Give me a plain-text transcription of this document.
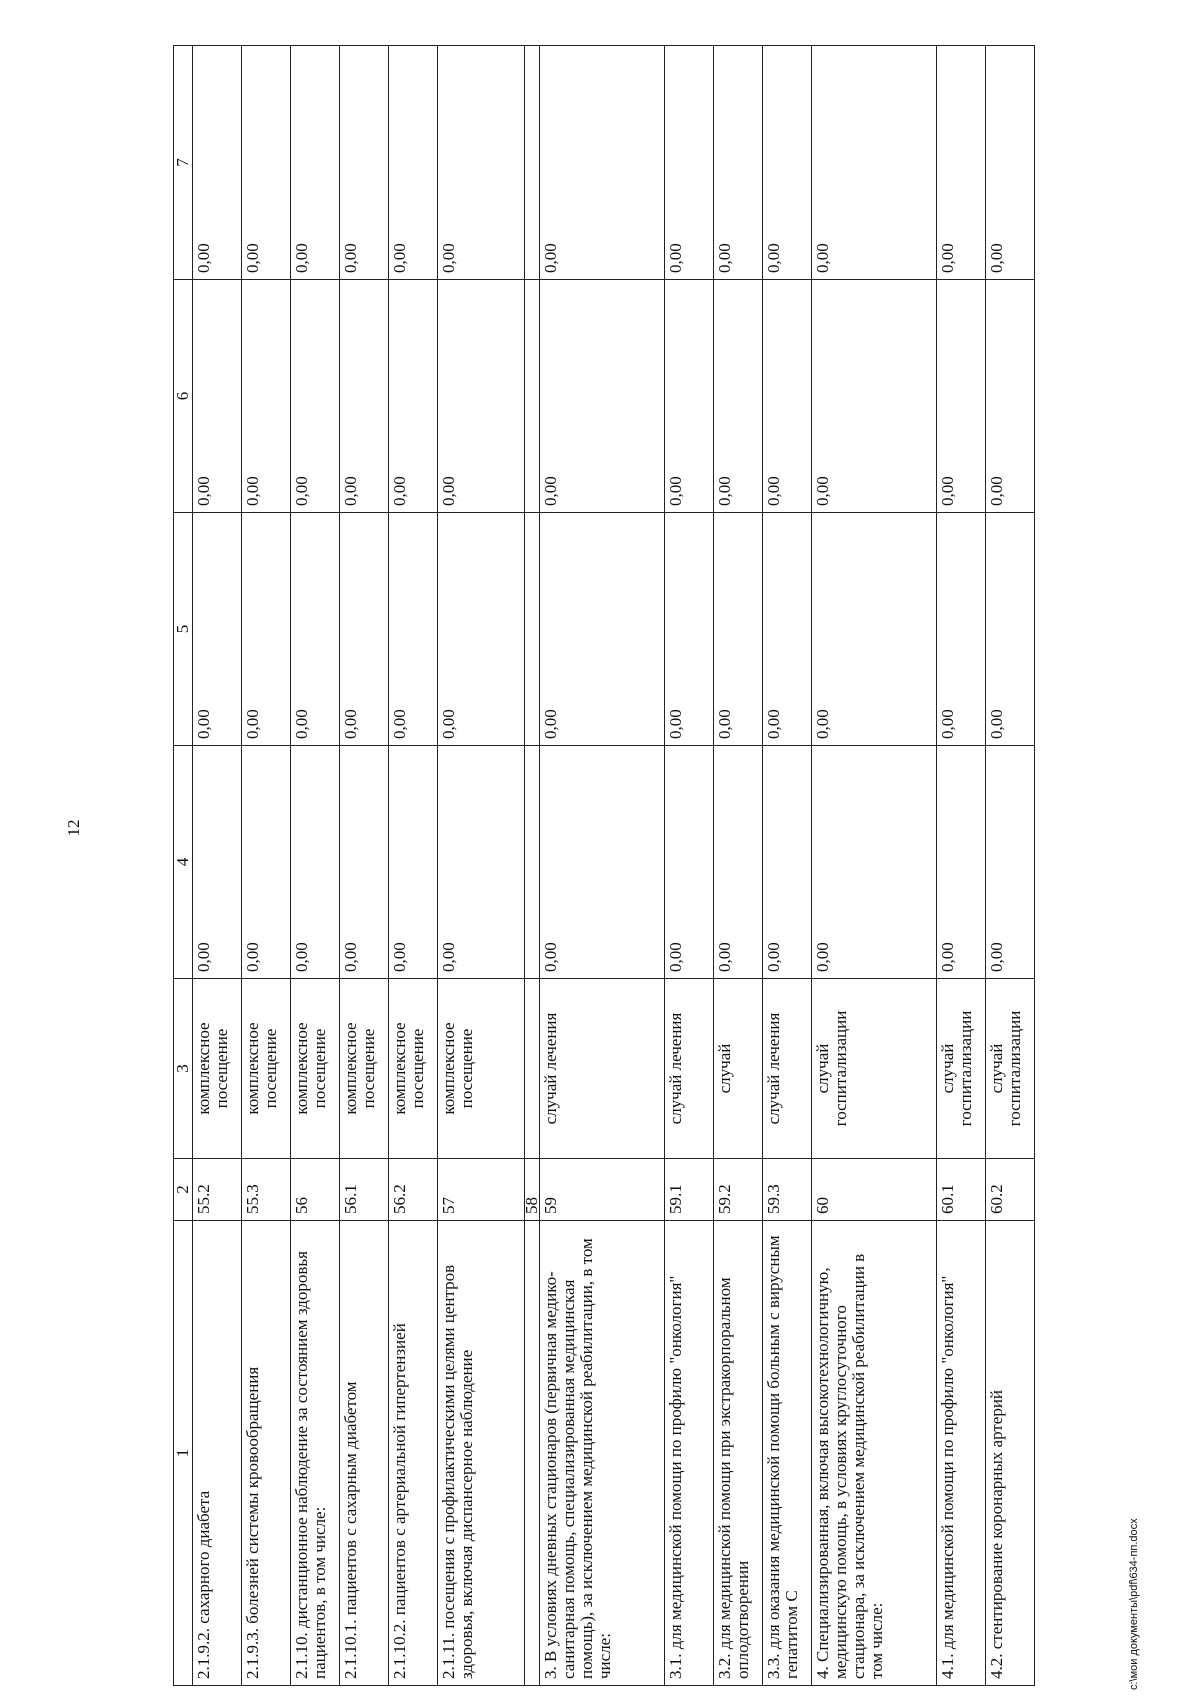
12
1	2	3	4	5	6	7
2.1.9.2. сахарного диабета	55.2	комплексное посещение	0,00	0,00	0,00	0,00
2.1.9.3. болезней системы кровообращения	55.3	комплексное посещение	0,00	0,00	0,00	0,00
2.1.10. дистанционное наблюдение за состоянием здоровья пациентов, в том числе:	56	комплексное посещение	0,00	0,00	0,00	0,00
2.1.10.1. пациентов с сахарным диабетом	56.1	комплексное посещение	0,00	0,00	0,00	0,00
2.1.10.2. пациентов с артериальной гипертензией	56.2	комплексное посещение	0,00	0,00	0,00	0,00
2.1.11. посещения с профилактическими целями центров здоровья, включая диспансерное наблюдение	57	комплексное посещение	0,00	0,00	0,00	0,00
	58					
3. В условиях дневных стационаров (первичная медико-санитарная помощь, специализированная медицинская помощь), за исключением медицинской реабилитации, в том числе:	59	случай лечения	0,00	0,00	0,00	0,00
3.1. для медицинской помощи по профилю "онкология"	59.1	случай лечения	0,00	0,00	0,00	0,00
3.2. для медицинской помощи при экстракорпоральном оплодотворении	59.2	случай	0,00	0,00	0,00	0,00
3.3. для оказания медицинской помощи больным с вирусным гепатитом С	59.3	случай лечения	0,00	0,00	0,00	0,00
4. Специализированная, включая высокотехнологичную, медицинскую помощь, в условиях круглосуточного стационара, за исключением медицинской реабилитации в том числе:	60	случай госпитализации	0,00	0,00	0,00	0,00
4.1. для медицинской помощи по профилю "онкология"	60.1	случай госпитализации	0,00	0,00	0,00	0,00
4.2. стентирование коронарных артерий	60.2	случай госпитализации	0,00	0,00	0,00	0,00
c:\мои документы\pdf\634-пп.docx
